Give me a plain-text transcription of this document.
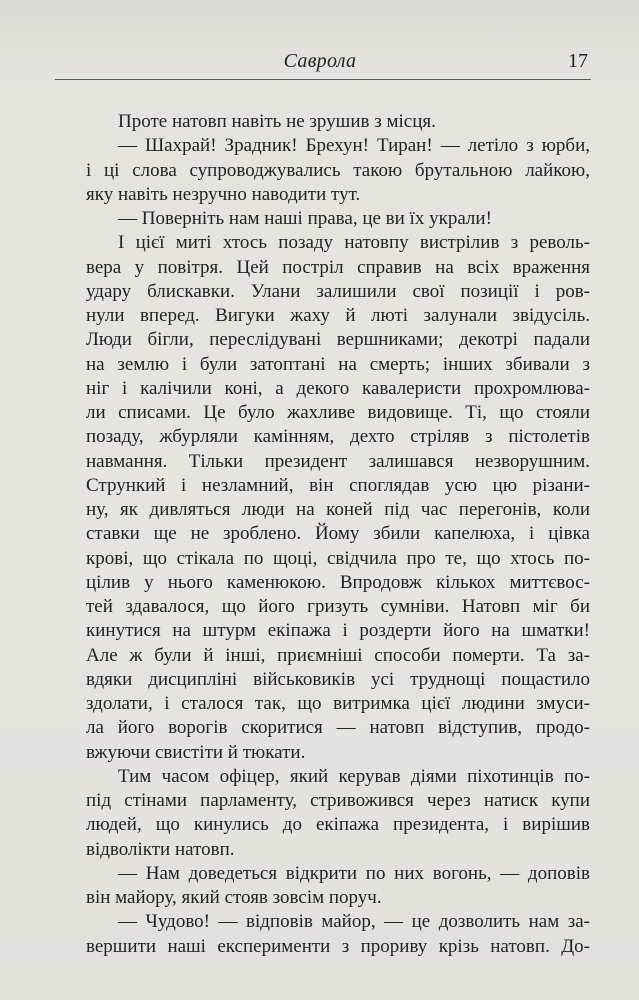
Саврола	17
Проте натовп навіть не зрушив з місця.
— Шахрай! Зрадник! Брехун! Тиран! — летіло з юрби,
і ці слова супроводжувались такою брутальною лайкою,
яку навіть незручно наводити тут.
— Поверніть нам наші права, це ви їх украли!
І цієї миті хтось позаду натовпу вистрілив з револь-
вера у повітря. Цей постріл справив на всіх враження
удару блискавки. Улани залишили свої позиції і ров-
нули вперед. Вигуки жаху й люті залунали звідусіль.
Люди бігли, переслідувані вершниками; декотрі падали
на землю і були затоптані на смерть; інших збивали з
ніг і калічили коні, а декого кавалеристи прохромлюва-
ли списами. Це було жахливе видовище. Ті, що стояли
позаду, жбурляли камінням, дехто стріляв з пістолетів
навмання. Тільки президент залишався незворушним.
Стрункий і незламний, він споглядав усю цю різани-
ну, як дивляться люди на коней під час перегонів, коли
ставки ще не зроблено. Йому збили капелюха, і цівка
крові, що стікала по щоці, свідчила про те, що хтось по-
цілив у нього каменюкою. Впродовж кількох миттєвос-
тей здавалося, що його гризуть сумніви. Натовп міг би
кинутися на штурм екіпажа і роздерти його на шматки!
Але ж були й інші, приємніші способи померти. Та за-
вдяки дисципліні військовиків усі труднощі пощастило
здолати, і сталося так, що витримка цієї людини змуси-
ла його ворогів скоритися — натовп відступив, продо-
вжуючи свистіти й тюкати.
Тим часом офіцер, який керував діями піхотинців по-
під стінами парламенту, стривожився через натиск купи
людей, що кинулись до екіпажа президента, і вирішив
відволікти натовп.
— Нам доведеться відкрити по них вогонь, — доповів
він майору, який стояв зовсім поруч.
— Чудово! — відповів майор, — це дозволить нам за-
вершити наші експерименти з прориву крізь натовп. До-
